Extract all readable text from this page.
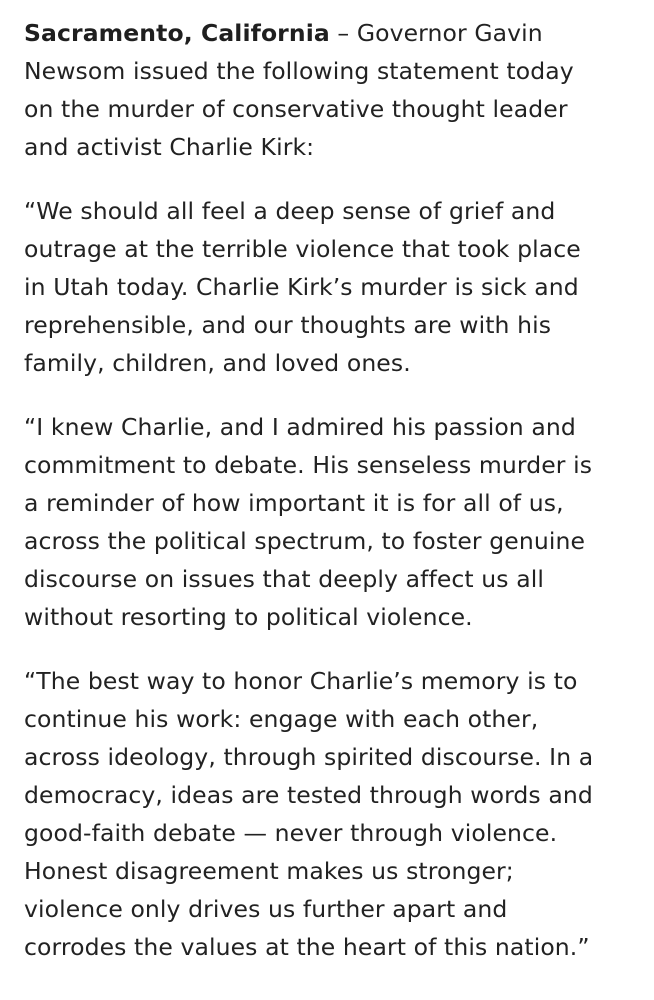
Sacramento, California – Governor Gavin
Newsom issued the following statement today
on the murder of conservative thought leader
and activist Charlie Kirk:

“We should all feel a deep sense of grief and
outrage at the terrible violence that took place
in Utah today. Charlie Kirk’s murder is sick and
reprehensible, and our thoughts are with his
family, children, and loved ones.

“I knew Charlie, and I admired his passion and
commitment to debate. His senseless murder is
a reminder of how important it is for all of us,
across the political spectrum, to foster genuine
discourse on issues that deeply affect us all
without resorting to political violence.

“The best way to honor Charlie’s memory is to
continue his work: engage with each other,
across ideology, through spirited discourse. In a
democracy, ideas are tested through words and
good-faith debate — never through violence.
Honest disagreement makes us stronger;
violence only drives us further apart and
corrodes the values at the heart of this nation.”
